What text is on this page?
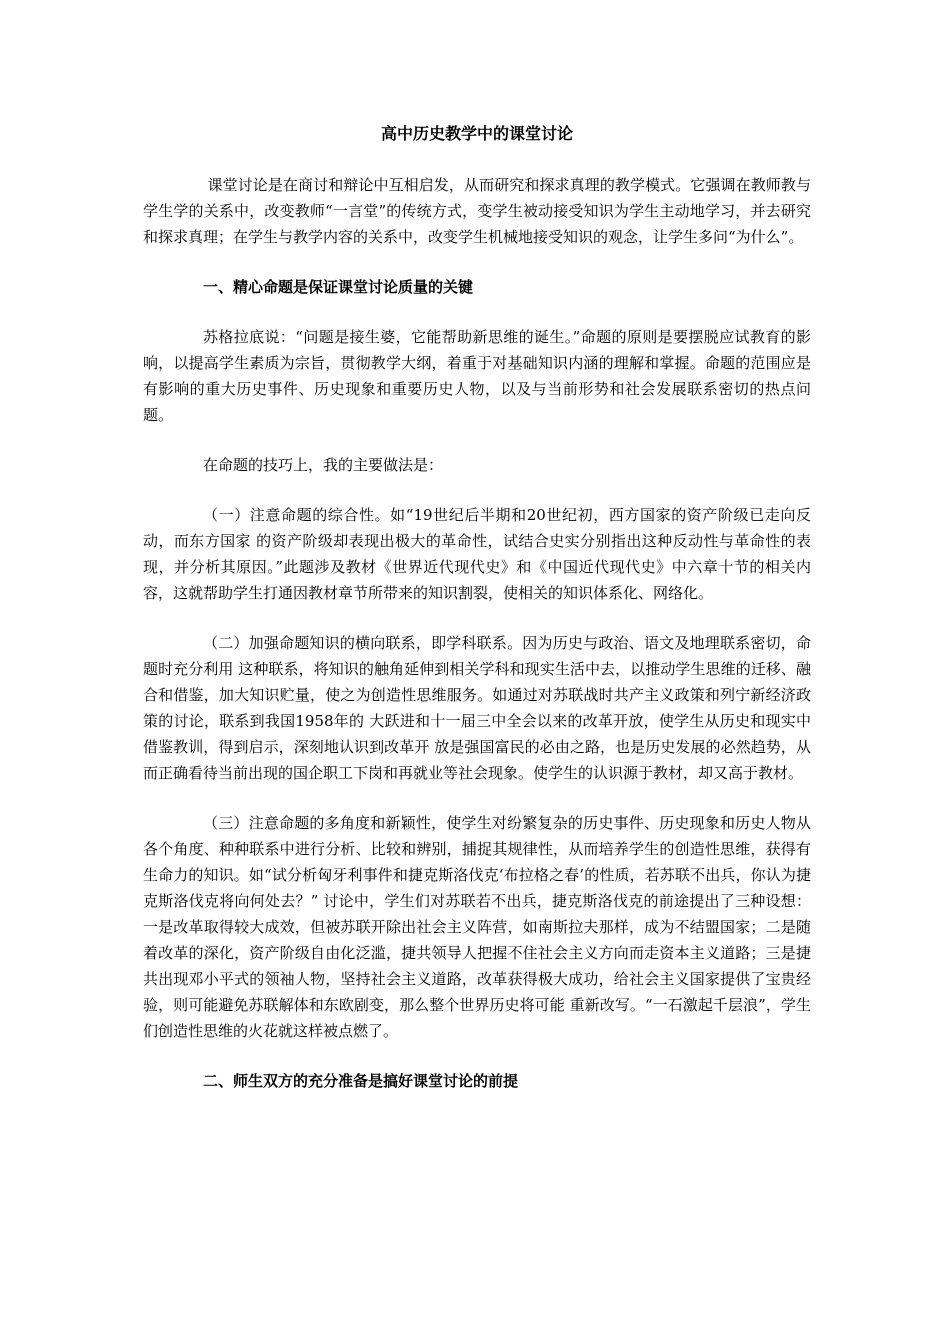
高中历史教学中的课堂讨论

课堂讨论是在商讨和辩论中互相启发，从而研究和探求真理的教学模式。它强调在教师教与学生学的关系中，改变教师“一言堂”的传统方式，变学生被动接受知识为学生主动地学习，并去研究和探求真理；在学生与教学内容的关系中，改变学生机械地接受知识的观念，让学生多问“为什么”。

一、精心命题是保证课堂讨论质量的关键

苏格拉底说：“问题是接生婆，它能帮助新思维的诞生。”命题的原则是要摆脱应试教育的影响，以提高学生素质为宗旨，贯彻教学大纲，着重于对基础知识内涵的理解和掌握。命题的范围应是有影响的重大历史事件、历史现象和重要历史人物，以及与当前形势和社会发展联系密切的热点问题。

在命题的技巧上，我的主要做法是：

（一）注意命题的综合性。如“19世纪后半期和20世纪初，西方国家的资产阶级已走向反动，而东方国家 的资产阶级却表现出极大的革命性，试结合史实分别指出这种反动性与革命性的表现，并分析其原因。”此题涉及教材《世界近代现代史》和《中国近代现代史》中六章十节的相关内容，这就帮助学生打通因教材章节所带来的知识割裂，使相关的知识体系化、网络化。

（二）加强命题知识的横向联系，即学科联系。因为历史与政治、语文及地理联系密切，命题时充分利用 这种联系，将知识的触角延伸到相关学科和现实生活中去，以推动学生思维的迁移、融合和借鉴，加大知识贮量，使之为创造性思维服务。如通过对苏联战时共产主义政策和列宁新经济政策的讨论，联系到我国1958年的 大跃进和十一届三中全会以来的改革开放，使学生从历史和现实中借鉴教训，得到启示，深刻地认识到改革开 放是强国富民的必由之路，也是历史发展的必然趋势，从而正确看待当前出现的国企职工下岗和再就业等社会现象。使学生的认识源于教材，却又高于教材。

（三）注意命题的多角度和新颖性，使学生对纷繁复杂的历史事件、历史现象和历史人物从各个角度、种种联系中进行分析、比较和辨别，捕捉其规律性，从而培养学生的创造性思维，获得有生命力的知识。如“试分析匈牙利事件和捷克斯洛伐克‘布拉格之春’的性质，若苏联不出兵，你认为捷克斯洛伐克将向何处去？” 讨论中，学生们对苏联若不出兵，捷克斯洛伐克的前途提出了三种设想：一是改革取得较大成效，但被苏联开除出社会主义阵营，如南斯拉夫那样，成为不结盟国家；二是随着改革的深化，资产阶级自由化泛滥，捷共领导人把握不住社会主义方向而走资本主义道路；三是捷共出现邓小平式的领袖人物，坚持社会主义道路，改革获得极大成功，给社会主义国家提供了宝贵经验，则可能避免苏联解体和东欧剧变，那么整个世界历史将可能 重新改写。“一石激起千层浪”，学生们创造性思维的火花就这样被点燃了。

二、师生双方的充分准备是搞好课堂讨论的前提
